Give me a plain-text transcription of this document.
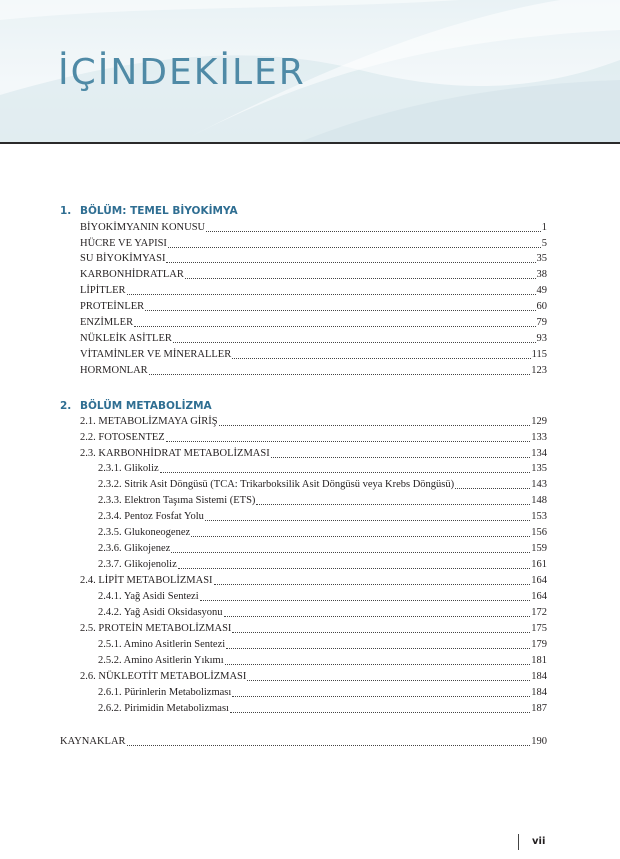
İÇİNDEKİLER
1. BÖLÜM: TEMEL BİYOKİMYA
BİYOKİMYANIN KONUSU	1
HÜCRE VE YAPISI	5
SU BİYOKİMYASI	35
KARBONHİDRATLAR	38
LİPİTLER	49
PROTEİNLER	60
ENZİMLER	79
NÜKLEİK ASİTLER	93
VİTAMİNLER VE MİNERALLER	115
HORMONLAR	123
2. BÖLÜM METABOLİZMA
2.1. METABOLİZMAYA GİRİŞ	129
2.2. FOTOSENTEZ	133
2.3. KARBONHİDRAT METABOLİZMASI	134
2.3.1. Glikoliz	135
2.3.2. Sitrik Asit Döngüsü (TCA: Trikarboksilik Asit Döngüsü veya Krebs Döngüsü)	143
2.3.3. Elektron Taşıma Sistemi (ETS)	148
2.3.4. Pentoz Fosfat Yolu	153
2.3.5. Glukoneogenez	156
2.3.6. Glikojenez	159
2.3.7. Glikojenoliz	161
2.4. LİPİT METABOLİZMASI	164
2.4.1. Yağ Asidi Sentezi	164
2.4.2. Yağ Asidi Oksidasyonu	172
2.5. PROTEİN METABOLİZMASI	175
2.5.1. Amino Asitlerin Sentezi	179
2.5.2. Amino Asitlerin Yıkımı	181
2.6. NÜKLEOTİT METABOLİZMASI	184
2.6.1. Pürinlerin Metabolizması	184
2.6.2. Pirimidin Metabolizması	187
KAYNAKLAR	190
vii
